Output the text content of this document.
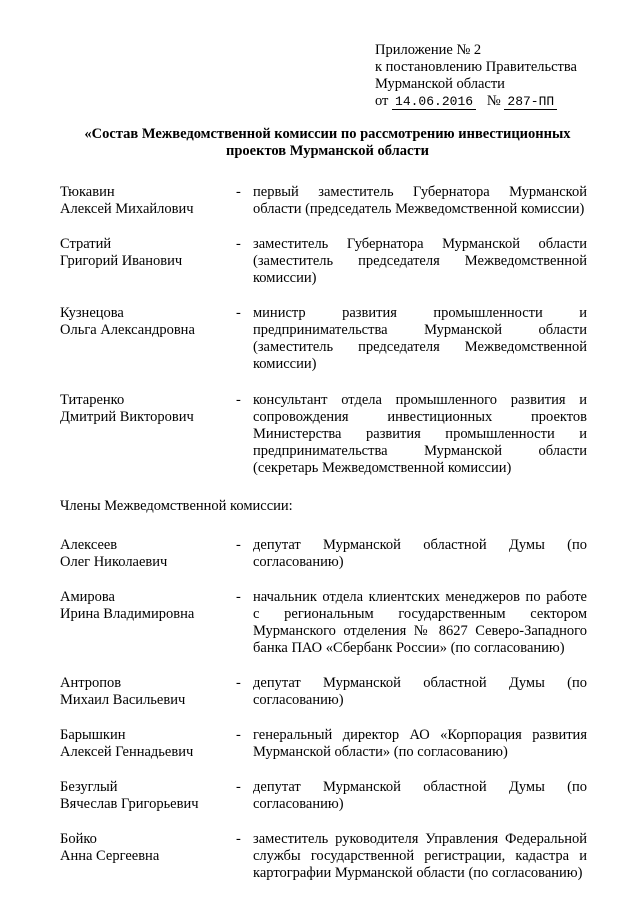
Приложение № 2
к постановлению Правительства
Мурманской области
от 14.06.2016 № 287-ПП
«Состав Межведомственной комиссии по рассмотрению инвестиционных
проектов Мурманской области
Тюкавин
Алексей Михайлович
- первый заместитель Губернатора Мурманской области (председатель Межведомственной комиссии)
Стратий
Григорий Иванович
- заместитель Губернатора Мурманской области (заместитель председателя Межведомственной комиссии)
Кузнецова
Ольга Александровна
- министр развития промышленности и предпринимательства Мурманской области (заместитель председателя Межведомственной комиссии)
Титаренко
Дмитрий Викторович
- консультант отдела промышленного развития и сопровождения инвестиционных проектов Министерства развития промышленности и предпринимательства Мурманской области (секретарь Межведомственной комиссии)
Члены Межведомственной комиссии:
Алексеев
Олег Николаевич
- депутат Мурманской областной Думы (по согласованию)
Амирова
Ирина Владимировна
- начальник отдела клиентских менеджеров по работе с региональным государственным сектором Мурманского отделения № 8627 Северо-Западного банка ПАО «Сбербанк России» (по согласованию)
Антропов
Михаил Васильевич
- депутат Мурманской областной Думы (по согласованию)
Барышкин
Алексей Геннадьевич
- генеральный директор АО «Корпорация развития Мурманской области» (по согласованию)
Безуглый
Вячеслав Григорьевич
- депутат Мурманской областной Думы (по согласованию)
Бойко
Анна Сергеевна
- заместитель руководителя Управления Федеральной службы государственной регистрации, кадастра и картографии Мурманской области (по согласованию)
